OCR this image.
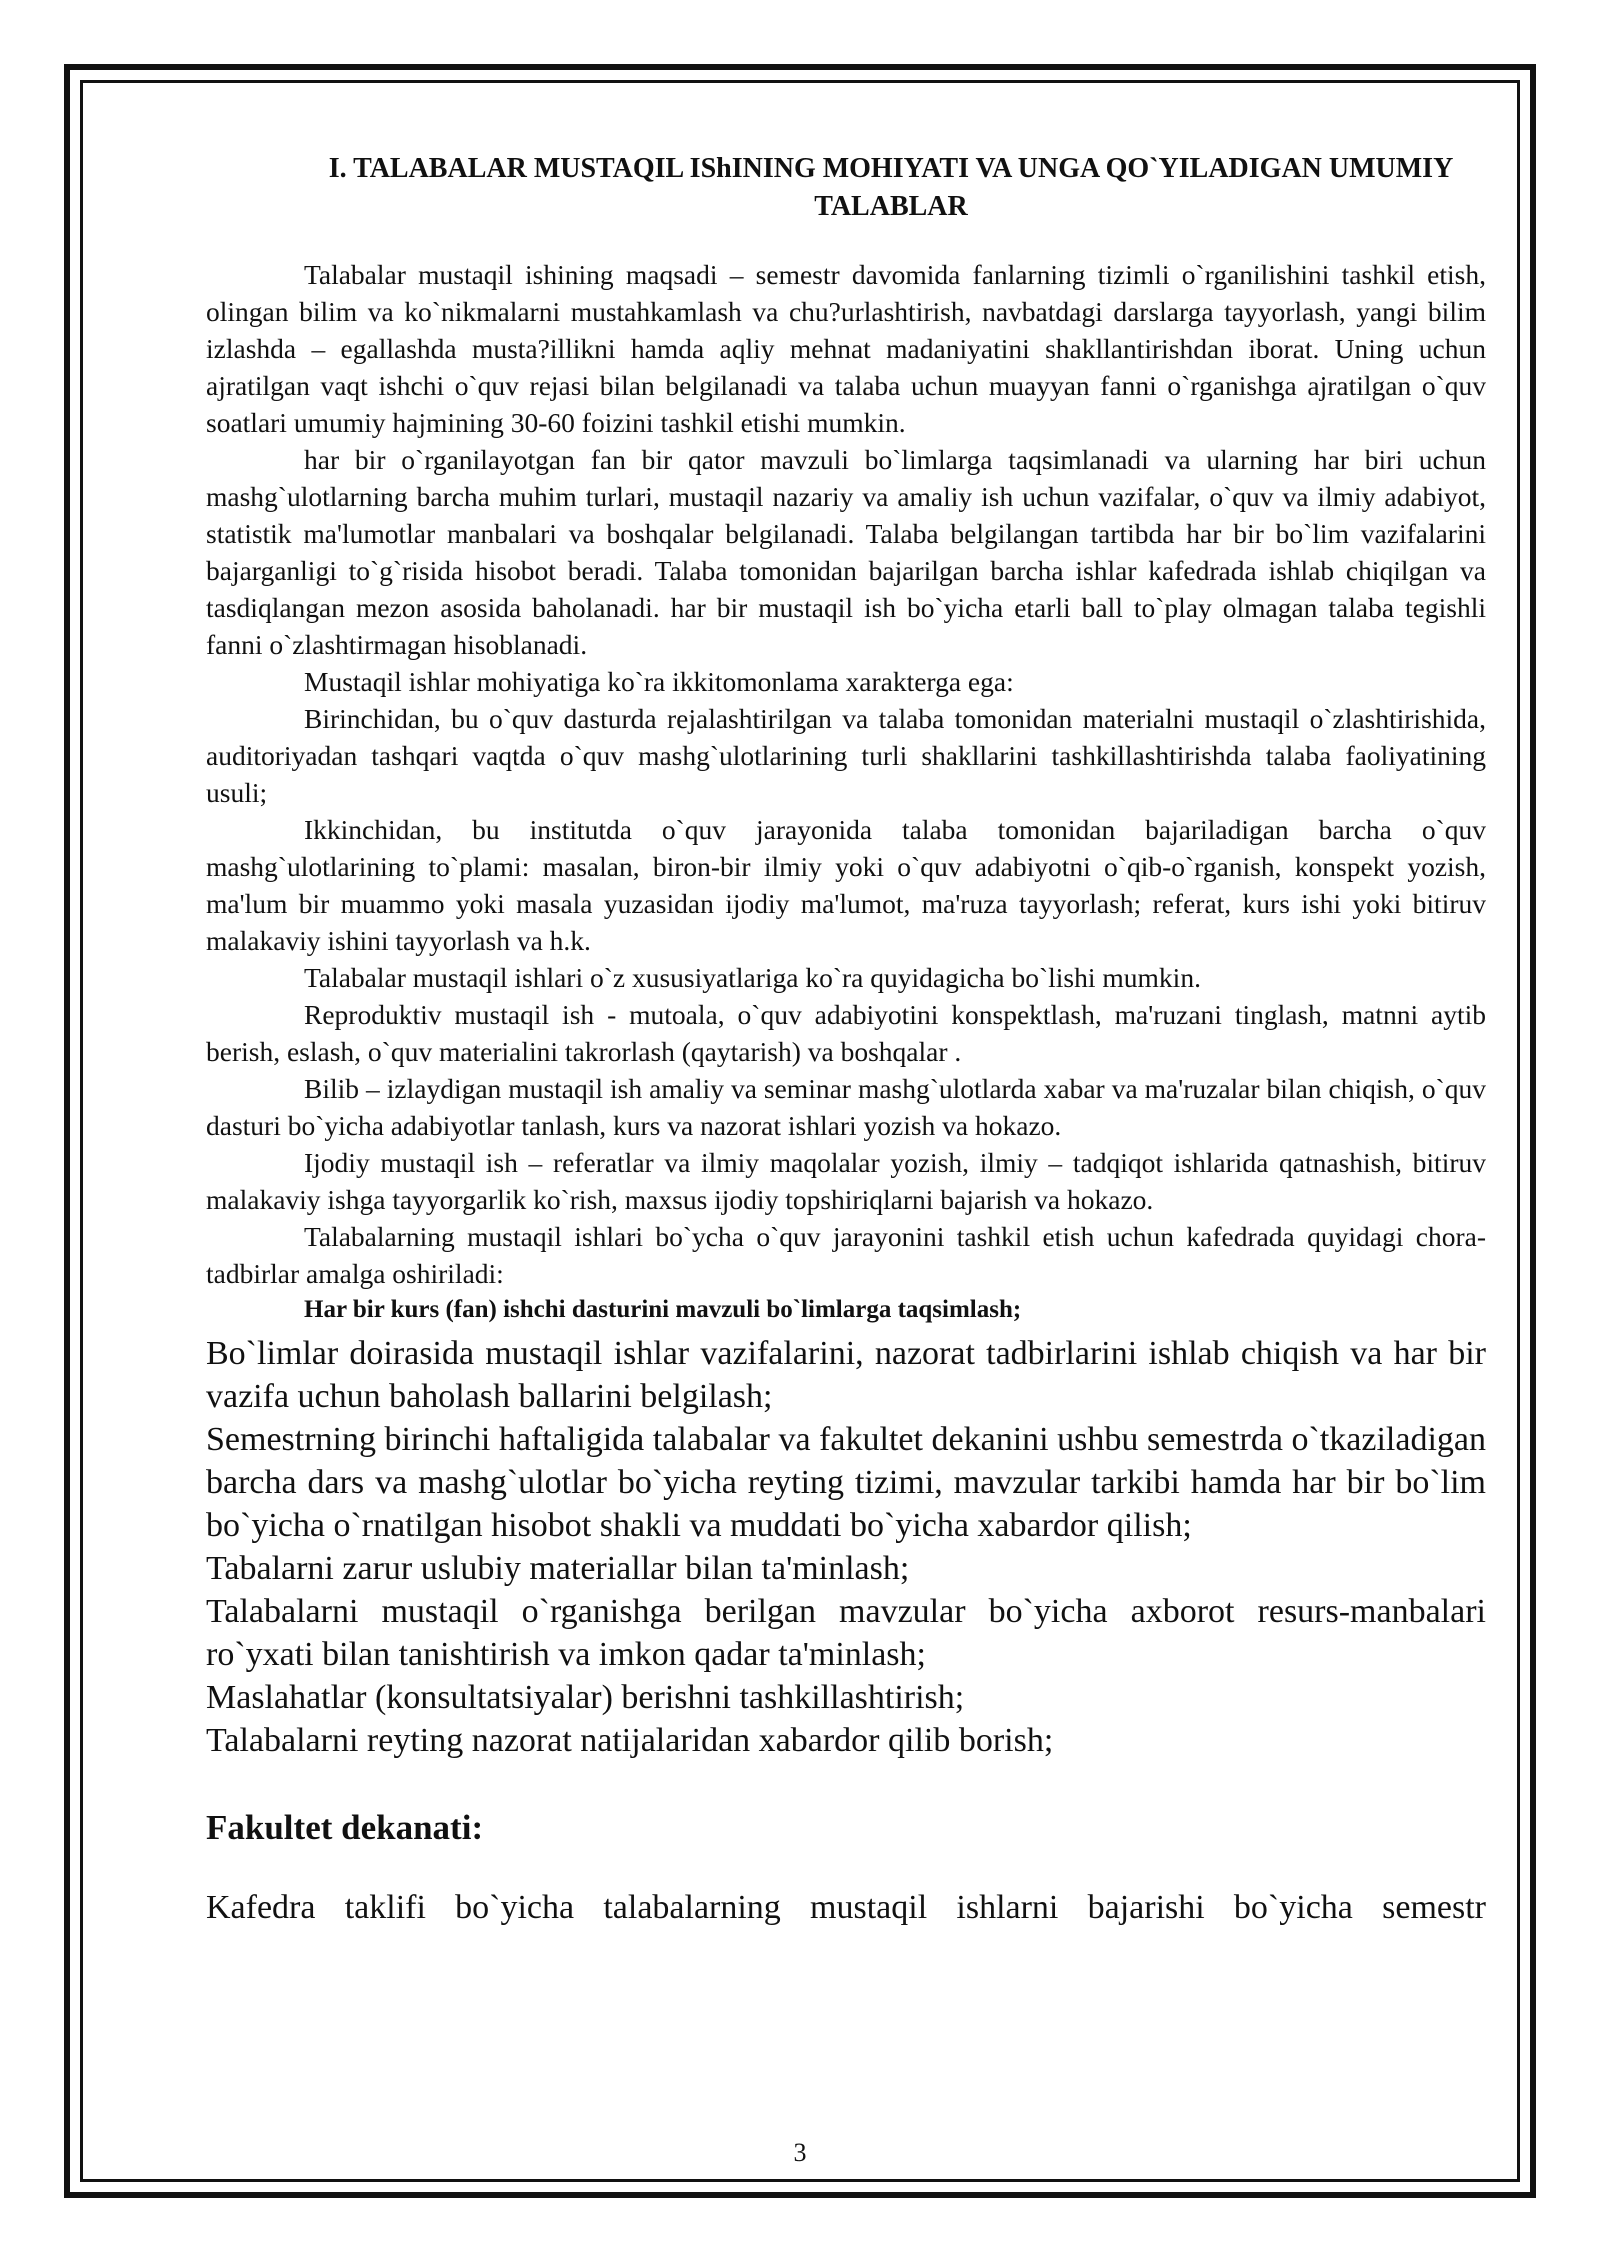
I. TALABALAR MUSTAQIL IShINING MOHIYATI VA UNGA QO`YILADIGAN UMUMIY TALABLAR

Talabalar mustaqil ishining maqsadi – semestr davomida fanlarning tizimli o`rganilishini tashkil etish, olingan bilim va ko`nikmalarni mustahkamlash va chu?urlashtirish, navbatdagi darslarga tayyorlash, yangi bilim izlashda – egallashda musta?illikni hamda aqliy mehnat madaniyatini shakllantirishdan iborat. Uning uchun ajratilgan vaqt ishchi o`quv rejasi bilan belgilanadi va talaba uchun muayyan fanni o`rganishga ajratilgan o`quv soatlari umumiy hajmining 30-60 foizini tashkil etishi mumkin.

har bir o`rganilayotgan fan bir qator mavzuli bo`limlarga taqsimlanadi va ularning har biri uchun mashg`ulotlarning barcha muhim turlari, mustaqil nazariy va amaliy ish uchun vazifalar, o`quv va ilmiy adabiyot, statistik ma'lumotlar manbalari va boshqalar belgilanadi. Talaba belgilangan tartibda har bir bo`lim vazifalarini bajarganligi to`g`risida hisobot beradi. Talaba tomonidan bajarilgan barcha ishlar kafedrada ishlab chiqilgan va tasdiqlangan mezon asosida baholanadi. har bir mustaqil ish bo`yicha etarli ball to`play olmagan talaba tegishli fanni o`zlashtirmagan hisoblanadi.

Mustaqil ishlar mohiyatiga ko`ra ikkitomonlama xarakterga ega:

Birinchidan, bu o`quv dasturda rejalashtirilgan va talaba tomonidan materialni mustaqil o`zlashtirishida, auditoriyadan tashqari vaqtda o`quv mashg`ulotlarining turli shakllarini tashkillashtirishda talaba faoliyatining usuli;

Ikkinchidan, bu institutda o`quv jarayonida talaba tomonidan bajariladigan barcha o`quv mashg`ulotlarining to`plami: masalan, biron-bir ilmiy yoki o`quv adabiyotni o`qib-o`rganish, konspekt yozish, ma'lum bir muammo yoki masala yuzasidan ijodiy ma'lumot, ma'ruza tayyorlash; referat, kurs ishi yoki bitiruv malakaviy ishini tayyorlash va h.k.

Talabalar mustaqil ishlari o`z xususiyatlariga ko`ra quyidagicha bo`lishi mumkin.

Reproduktiv mustaqil ish - mutoala, o`quv adabiyotini konspektlash, ma'ruzani tinglash, matnni aytib berish, eslash, o`quv materialini takrorlash (qaytarish) va boshqalar .

Bilib – izlaydigan mustaqil ish amaliy va seminar mashg`ulotlarda xabar va ma'ruzalar bilan chiqish, o`quv dasturi bo`yicha adabiyotlar tanlash, kurs va nazorat ishlari yozish va hokazo.

Ijodiy mustaqil ish – referatlar va ilmiy maqolalar yozish, ilmiy – tadqiqot ishlarida qatnashish, bitiruv malakaviy ishga tayyorgarlik ko`rish, maxsus ijodiy topshiriqlarni bajarish va hokazo.

Talabalarning mustaqil ishlari bo`ycha o`quv jarayonini tashkil etish uchun kafedrada quyidagi chora-tadbirlar amalga oshiriladi:

Har bir kurs (fan) ishchi dasturini mavzuli bo`limlarga taqsimlash;

Bo`limlar doirasida mustaqil ishlar vazifalarini, nazorat tadbirlarini ishlab chiqish va har bir vazifa uchun baholash ballarini belgilash;

Semestrning birinchi haftaligida talabalar va fakultet dekanini ushbu semestrda o`tkaziladigan barcha dars va mashg`ulotlar bo`yicha reyting tizimi, mavzular tarkibi hamda har bir bo`lim bo`yicha o`rnatilgan hisobot shakli va muddati bo`yicha xabardor qilish;

Tabalarni zarur uslubiy materiallar bilan ta'minlash;

Talabalarni mustaqil o`rganishga berilgan mavzular bo`yicha axborot resurs-manbalari ro`yxati bilan tanishtirish va imkon qadar ta'minlash;

Maslahatlar (konsultatsiyalar) berishni tashkillashtirish;

Talabalarni reyting nazorat natijalaridan xabardor qilib borish;

Fakultet dekanati:

Kafedra taklifi bo`yicha talabalarning mustaqil ishlarni bajarishi bo`yicha semestr

3
